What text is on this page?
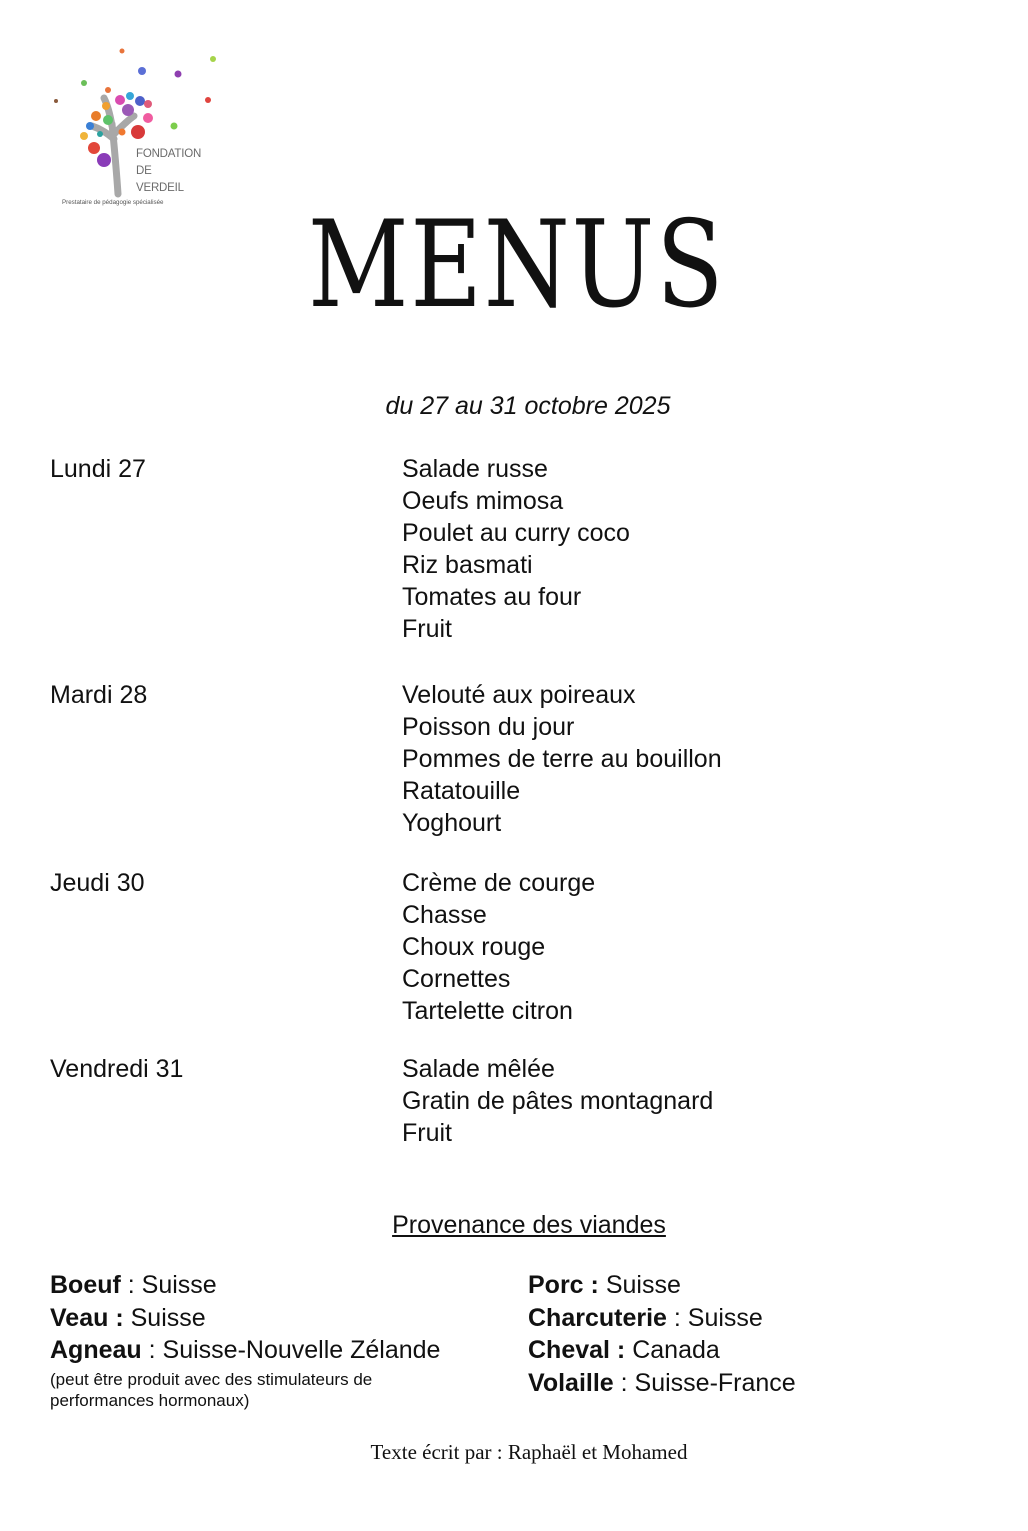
FONDATION
DE
VERDEIL
Prestataire de pédagogie spécialisée	MENUS
du 27 au 31 octobre 2025
Lundi 27	Salade russe
Oeufs mimosa
Poulet au curry coco
Riz basmati
Tomates au four
Fruit
Mardi 28	Velouté aux poireaux
Poisson du jour
Pommes de terre au bouillon
Ratatouille
Yoghourt
Jeudi 30	Crème de courge
Chasse
Choux rouge
Cornettes
Tartelette citron
Vendredi 31	Salade mêlée
Gratin de pâtes montagnard
Fruit
Provenance des viandes
Boeuf : Suisse
Veau : Suisse
Agneau : Suisse-Nouvelle Zélande
(peut être produit avec des stimulateurs de
performances hormonaux)
Porc : Suisse
Charcuterie : Suisse
Cheval : Canada
Volaille : Suisse-France
Texte écrit par : Raphaël et Mohamed
